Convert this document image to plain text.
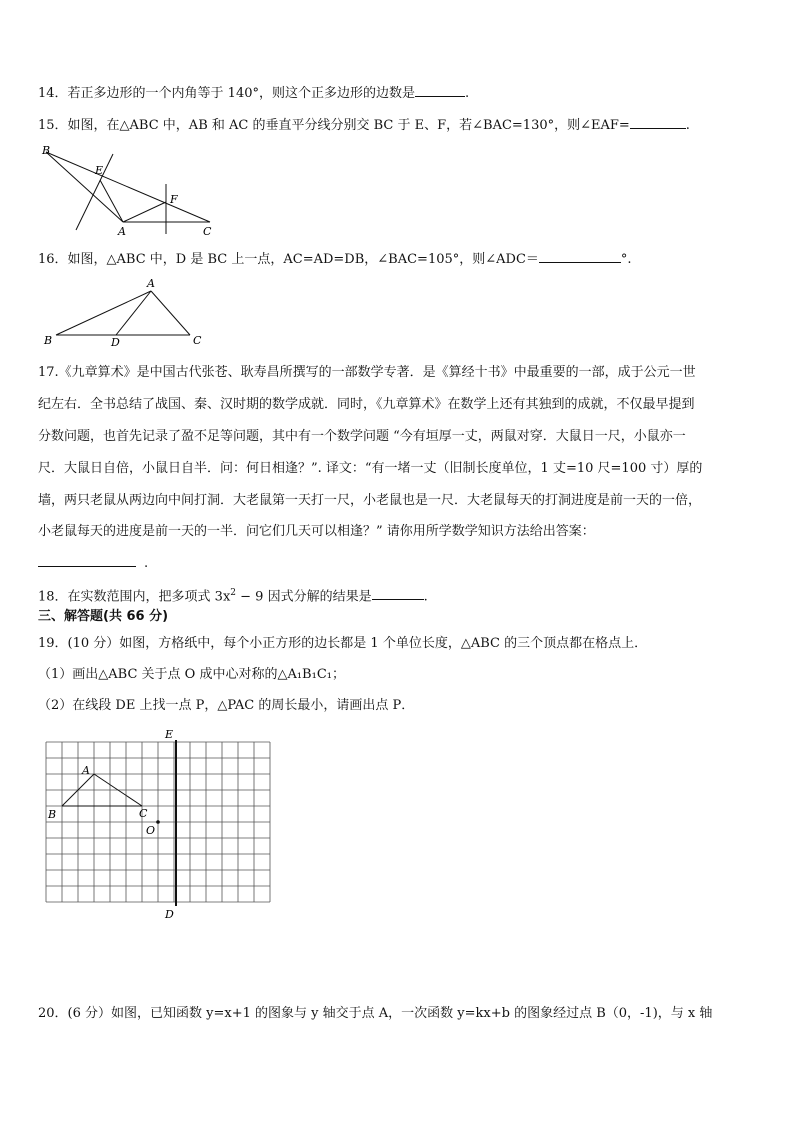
14．若正多边形的一个内角等于 140°，则这个正多边形的边数是	.
15．如图，在△ABC 中，AB 和 AC 的垂直平分线分别交 BC 于 E、F，若∠BAC=130°，则∠EAF=	.
B
E
F
A	C
16．如图，△ABC 中，D 是 BC 上一点，AC=AD=DB，∠BAC=105°，则∠ADC＝	°.
A
B	D	C
17.《九章算术》是中国古代张苍、耿寿昌所撰写的一部数学专著．是《算经十书》中最重要的一部，成于公元一世
纪左右．全书总结了战国、秦、汉时期的数学成就．同时，《九章算术》在数学上还有其独到的成就，不仅最早提到
分数问题，也首先记录了盈不足等问题，其中有一个数学问题 “今有垣厚一丈，两鼠对穿．大鼠日一尺，小鼠亦一
尺．大鼠日自倍，小鼠日自半．问：何日相逢？”. 译文：“有一堵一丈（旧制长度单位，1 丈=10 尺=100 寸）厚的
墙，两只老鼠从两边向中间打洞．大老鼠第一天打一尺，小老鼠也是一尺．大老鼠每天的打洞进度是前一天的一倍，
小老鼠每天的进度是前一天的一半．问它们几天可以相逢？” 请你用所学数学知识方法给出答案：
.
18．在实数范围内，把多项式 $3x^2 - 9$ 因式分解的结果是	.
三、解答题(共 66 分)
19．(10 分）如图，方格纸中，每个小正方形的边长都是 1 个单位长度，△ABC 的三个顶点都在格点上．
（1）画出△ABC 关于点 O 成中心对称的△A₁B₁C₁；
（2）在线段 DE 上找一点 P，△PAC 的周长最小，请画出点 P．
E
A
B	C
O
D
20．(6 分）如图，已知函数 y=x+1 的图象与 y 轴交于点 A，一次函数 y=kx+b 的图象经过点 B（0，-1)，与 x 轴
